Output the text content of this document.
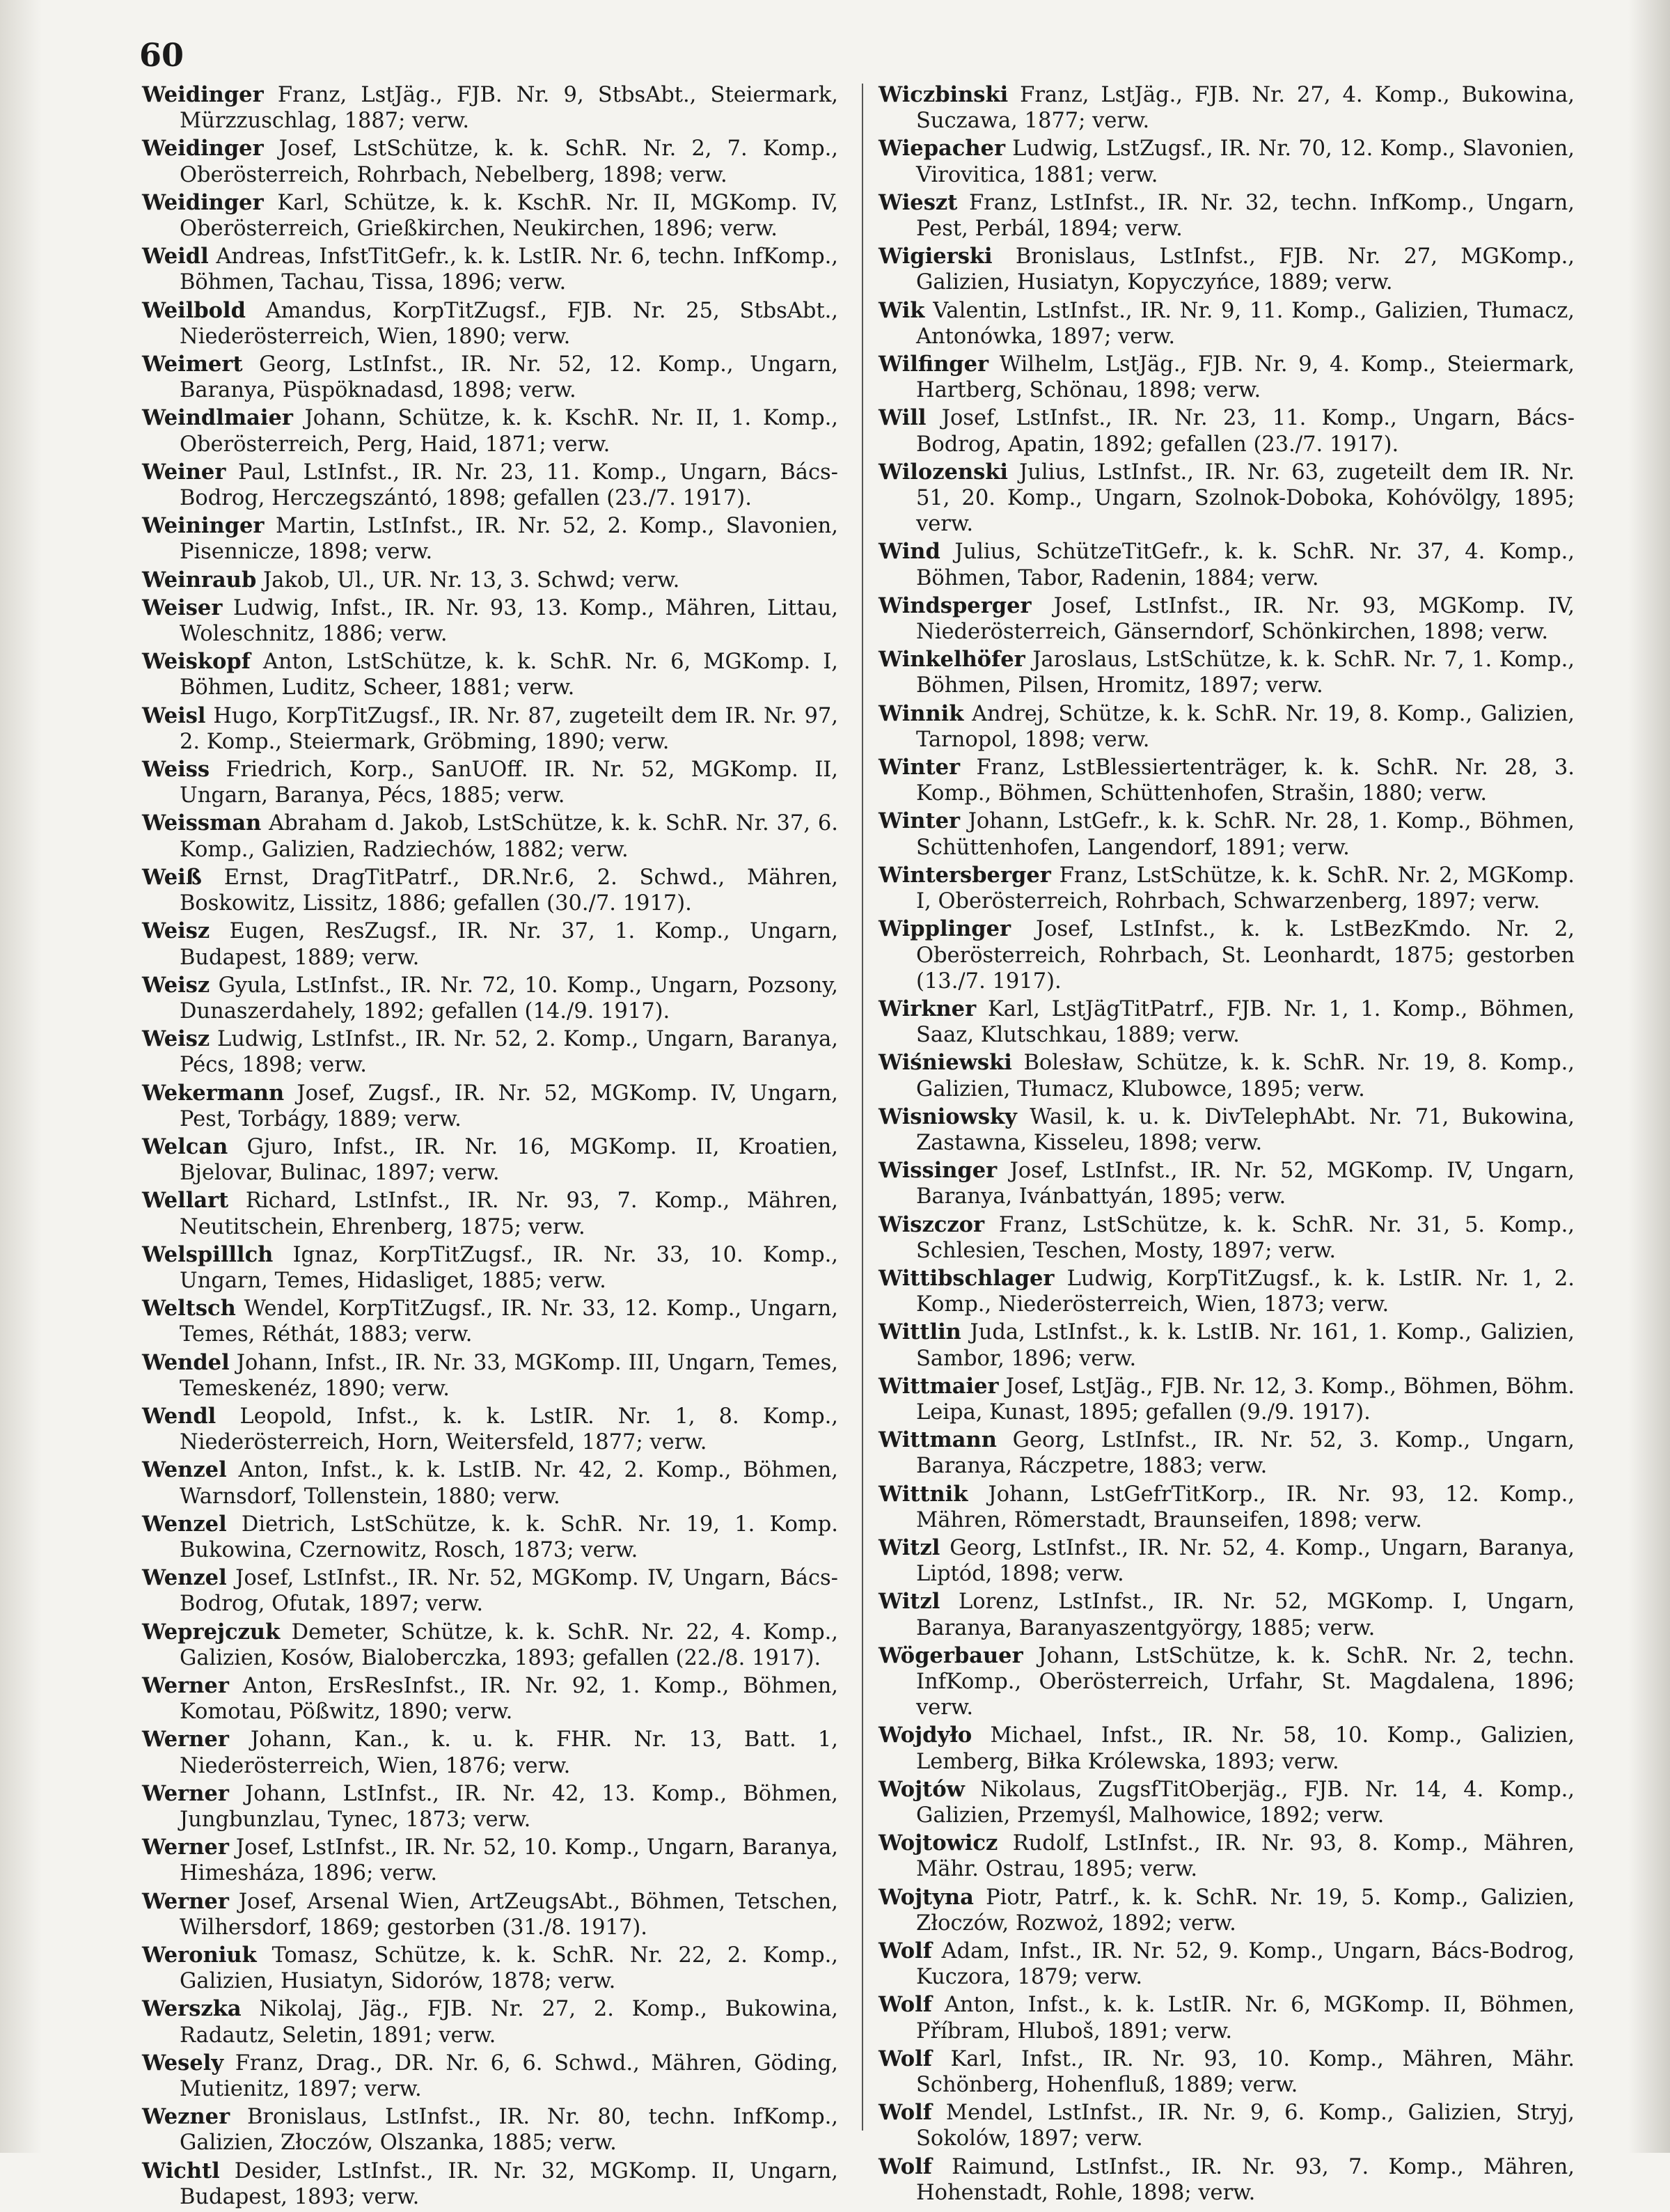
60

Weidinger Franz, LstJäg., FJB. Nr. 9, StbsAbt., Steiermark, Mürzzuschlag, 1887; verw.

Weidinger Josef, LstSchütze, k. k. SchR. Nr. 2, 7. Komp., Oberösterreich, Rohrbach, Nebelberg, 1898; verw.

Weidinger Karl, Schütze, k. k. KschR. Nr. II, MGKomp. IV, Oberösterreich, Grießkirchen, Neukirchen, 1896; verw.

Weidl Andreas, InfstTitGefr., k. k. LstIR. Nr. 6, techn. InfKomp., Böhmen, Tachau, Tissa, 1896; verw.

Weilbold Amandus, KorpTitZugsf., FJB. Nr. 25, StbsAbt., Niederösterreich, Wien, 1890; verw.

Weimert Georg, LstInfst., IR. Nr. 52, 12. Komp., Ungarn, Baranya, Püspöknadasd, 1898; verw.

Weindlmaier Johann, Schütze, k. k. KschR. Nr. II, 1. Komp., Oberösterreich, Perg, Haid, 1871; verw.

Weiner Paul, LstInfst., IR. Nr. 23, 11. Komp., Ungarn, Bács-Bodrog, Herczegszántó, 1898; gefallen (23./7. 1917).

Weininger Martin, LstInfst., IR. Nr. 52, 2. Komp., Slavonien, Pisennicze, 1898; verw.

Weinraub Jakob, Ul., UR. Nr. 13, 3. Schwd; verw.

Weiser Ludwig, Infst., IR. Nr. 93, 13. Komp., Mähren, Littau, Woleschnitz, 1886; verw.

Weiskopf Anton, LstSchütze, k. k. SchR. Nr. 6, MGKomp. I, Böhmen, Luditz, Scheer, 1881; verw.

Weisl Hugo, KorpTitZugsf., IR. Nr. 87, zugeteilt dem IR. Nr. 97, 2. Komp., Steiermark, Gröbming, 1890; verw.

Weiss Friedrich, Korp., SanUOff. IR. Nr. 52, MGKomp. II, Ungarn, Baranya, Pécs, 1885; verw.

Weissman Abraham d. Jakob, LstSchütze, k. k. SchR. Nr. 37, 6. Komp., Galizien, Radziechów, 1882; verw.

Weiß Ernst, DragTitPatrf., DR.Nr.6, 2. Schwd., Mähren, Boskowitz, Lissitz, 1886; gefallen (30./7. 1917).

Weisz Eugen, ResZugsf., IR. Nr. 37, 1. Komp., Ungarn, Budapest, 1889; verw.

Weisz Gyula, LstInfst., IR. Nr. 72, 10. Komp., Ungarn, Pozsony, Dunaszerdahely, 1892; gefallen (14./9. 1917).

Weisz Ludwig, LstInfst., IR. Nr. 52, 2. Komp., Ungarn, Baranya, Pécs, 1898; verw.

Wekermann Josef, Zugsf., IR. Nr. 52, MGKomp. IV, Ungarn, Pest, Torbágy, 1889; verw.

Welcan Gjuro, Infst., IR. Nr. 16, MGKomp. II, Kroatien, Bjelovar, Bulinac, 1897; verw.

Wellart Richard, LstInfst., IR. Nr. 93, 7. Komp., Mähren, Neutitschein, Ehrenberg, 1875; verw.

Welspilllch Ignaz, KorpTitZugsf., IR. Nr. 33, 10. Komp., Ungarn, Temes, Hidasliget, 1885; verw.

Weltsch Wendel, KorpTitZugsf., IR. Nr. 33, 12. Komp., Ungarn, Temes, Réthát, 1883; verw.

Wendel Johann, Infst., IR. Nr. 33, MGKomp. III, Ungarn, Temes, Temeskenéz, 1890; verw.

Wendl Leopold, Infst., k. k. LstIR. Nr. 1, 8. Komp., Niederösterreich, Horn, Weitersfeld, 1877; verw.

Wenzel Anton, Infst., k. k. LstIB. Nr. 42, 2. Komp., Böhmen, Warnsdorf, Tollenstein, 1880; verw.

Wenzel Dietrich, LstSchütze, k. k. SchR. Nr. 19, 1. Komp. Bukowina, Czernowitz, Rosch, 1873; verw.

Wenzel Josef, LstInfst., IR. Nr. 52, MGKomp. IV, Ungarn, Bács-Bodrog, Ofutak, 1897; verw.

Weprejczuk Demeter, Schütze, k. k. SchR. Nr. 22, 4. Komp., Galizien, Kosów, Bialoberczka, 1893; gefallen (22./8. 1917).

Werner Anton, ErsResInfst., IR. Nr. 92, 1. Komp., Böhmen, Komotau, Pößwitz, 1890; verw.

Werner Johann, Kan., k. u. k. FHR. Nr. 13, Batt. 1, Niederösterreich, Wien, 1876; verw.

Werner Johann, LstInfst., IR. Nr. 42, 13. Komp., Böhmen, Jungbunzlau, Tynec, 1873; verw.

Werner Josef, LstInfst., IR. Nr. 52, 10. Komp., Ungarn, Baranya, Himesháza, 1896; verw.

Werner Josef, Arsenal Wien, ArtZeugsAbt., Böhmen, Tetschen, Wilhersdorf, 1869; gestorben (31./8. 1917).

Weroniuk Tomasz, Schütze, k. k. SchR. Nr. 22, 2. Komp., Galizien, Husiatyn, Sidorów, 1878; verw.

Werszka Nikolaj, Jäg., FJB. Nr. 27, 2. Komp., Bukowina, Radautz, Seletin, 1891; verw.

Wesely Franz, Drag., DR. Nr. 6, 6. Schwd., Mähren, Göding, Mutienitz, 1897; verw.

Wezner Bronislaus, LstInfst., IR. Nr. 80, techn. InfKomp., Galizien, Złoczów, Olszanka, 1885; verw.

Wichtl Desider, LstInfst., IR. Nr. 32, MGKomp. II, Ungarn, Budapest, 1893; verw.

Wiczbinski Franz, LstJäg., FJB. Nr. 27, 4. Komp., Bukowina, Suczawa, 1877; verw.

Wiepacher Ludwig, LstZugsf., IR. Nr. 70, 12. Komp., Slavonien, Virovitica, 1881; verw.

Wieszt Franz, LstInfst., IR. Nr. 32, techn. InfKomp., Ungarn, Pest, Perbál, 1894; verw.

Wigierski Bronislaus, LstInfst., FJB. Nr. 27, MGKomp., Galizien, Husiatyn, Kopyczyńce, 1889; verw.

Wik Valentin, LstInfst., IR. Nr. 9, 11. Komp., Galizien, Tłumacz, Antonówka, 1897; verw.

Wilfinger Wilhelm, LstJäg., FJB. Nr. 9, 4. Komp., Steiermark, Hartberg, Schönau, 1898; verw.

Will Josef, LstInfst., IR. Nr. 23, 11. Komp., Ungarn, Bács-Bodrog, Apatin, 1892; gefallen (23./7. 1917).

Wilozenski Julius, LstInfst., IR. Nr. 63, zugeteilt dem IR. Nr. 51, 20. Komp., Ungarn, Szolnok-Doboka, Kohóvölgy, 1895; verw.

Wind Julius, SchützeTitGefr., k. k. SchR. Nr. 37, 4. Komp., Böhmen, Tabor, Radenin, 1884; verw.

Windsperger Josef, LstInfst., IR. Nr. 93, MGKomp. IV, Niederösterreich, Gänserndorf, Schönkirchen, 1898; verw.

Winkelhöfer Jaroslaus, LstSchütze, k. k. SchR. Nr. 7, 1. Komp., Böhmen, Pilsen, Hromitz, 1897; verw.

Winnik Andrej, Schütze, k. k. SchR. Nr. 19, 8. Komp., Galizien, Tarnopol, 1898; verw.

Winter Franz, LstBlessiertenträger, k. k. SchR. Nr. 28, 3. Komp., Böhmen, Schüttenhofen, Strašin, 1880; verw.

Winter Johann, LstGefr., k. k. SchR. Nr. 28, 1. Komp., Böhmen, Schüttenhofen, Langendorf, 1891; verw.

Wintersberger Franz, LstSchütze, k. k. SchR. Nr. 2, MGKomp. I, Oberösterreich, Rohrbach, Schwarzenberg, 1897; verw.

Wipplinger Josef, LstInfst., k. k. LstBezKmdo. Nr. 2, Oberösterreich, Rohrbach, St. Leonhardt, 1875; gestorben (13./7. 1917).

Wirkner Karl, LstJägTitPatrf., FJB. Nr. 1, 1. Komp., Böhmen, Saaz, Klutschkau, 1889; verw.

Wiśniewski Bolesław, Schütze, k. k. SchR. Nr. 19, 8. Komp., Galizien, Tłumacz, Klubowce, 1895; verw.

Wisniowsky Wasil, k. u. k. DivTelephAbt. Nr. 71, Bukowina, Zastawna, Kisseleu, 1898; verw.

Wissinger Josef, LstInfst., IR. Nr. 52, MGKomp. IV, Ungarn, Baranya, Ivánbattyán, 1895; verw.

Wiszczor Franz, LstSchütze, k. k. SchR. Nr. 31, 5. Komp., Schlesien, Teschen, Mosty, 1897; verw.

Wittibschlager Ludwig, KorpTitZugsf., k. k. LstIR. Nr. 1, 2. Komp., Niederösterreich, Wien, 1873; verw.

Wittlin Juda, LstInfst., k. k. LstIB. Nr. 161, 1. Komp., Galizien, Sambor, 1896; verw.

Wittmaier Josef, LstJäg., FJB. Nr. 12, 3. Komp., Böhmen, Böhm. Leipa, Kunast, 1895; gefallen (9./9. 1917).

Wittmann Georg, LstInfst., IR. Nr. 52, 3. Komp., Ungarn, Baranya, Ráczpetre, 1883; verw.

Wittnik Johann, LstGefrTitKorp., IR. Nr. 93, 12. Komp., Mähren, Römerstadt, Braunseifen, 1898; verw.

Witzl Georg, LstInfst., IR. Nr. 52, 4. Komp., Ungarn, Baranya, Liptód, 1898; verw.

Witzl Lorenz, LstInfst., IR. Nr. 52, MGKomp. I, Ungarn, Baranya, Baranyaszentgyörgy, 1885; verw.

Wögerbauer Johann, LstSchütze, k. k. SchR. Nr. 2, techn. InfKomp., Oberösterreich, Urfahr, St. Magdalena, 1896; verw.

Wojdyło Michael, Infst., IR. Nr. 58, 10. Komp., Galizien, Lemberg, Biłka Królewska, 1893; verw.

Wojtów Nikolaus, ZugsfTitOberjäg., FJB. Nr. 14, 4. Komp., Galizien, Przemyśl, Malhowice, 1892; verw.

Wojtowicz Rudolf, LstInfst., IR. Nr. 93, 8. Komp., Mähren, Mähr. Ostrau, 1895; verw.

Wojtyna Piotr, Patrf., k. k. SchR. Nr. 19, 5. Komp., Galizien, Złoczów, Rozwoż, 1892; verw.

Wolf Adam, Infst., IR. Nr. 52, 9. Komp., Ungarn, Bács-Bodrog, Kuczora, 1879; verw.

Wolf Anton, Infst., k. k. LstIR. Nr. 6, MGKomp. II, Böhmen, Příbram, Hluboš, 1891; verw.

Wolf Karl, Infst., IR. Nr. 93, 10. Komp., Mähren, Mähr. Schönberg, Hohenfluß, 1889; verw.

Wolf Mendel, LstInfst., IR. Nr. 9, 6. Komp., Galizien, Stryj, Sokolów, 1897; verw.

Wolf Raimund, LstInfst., IR. Nr. 93, 7. Komp., Mähren, Hohenstadt, Rohle, 1898; verw.
